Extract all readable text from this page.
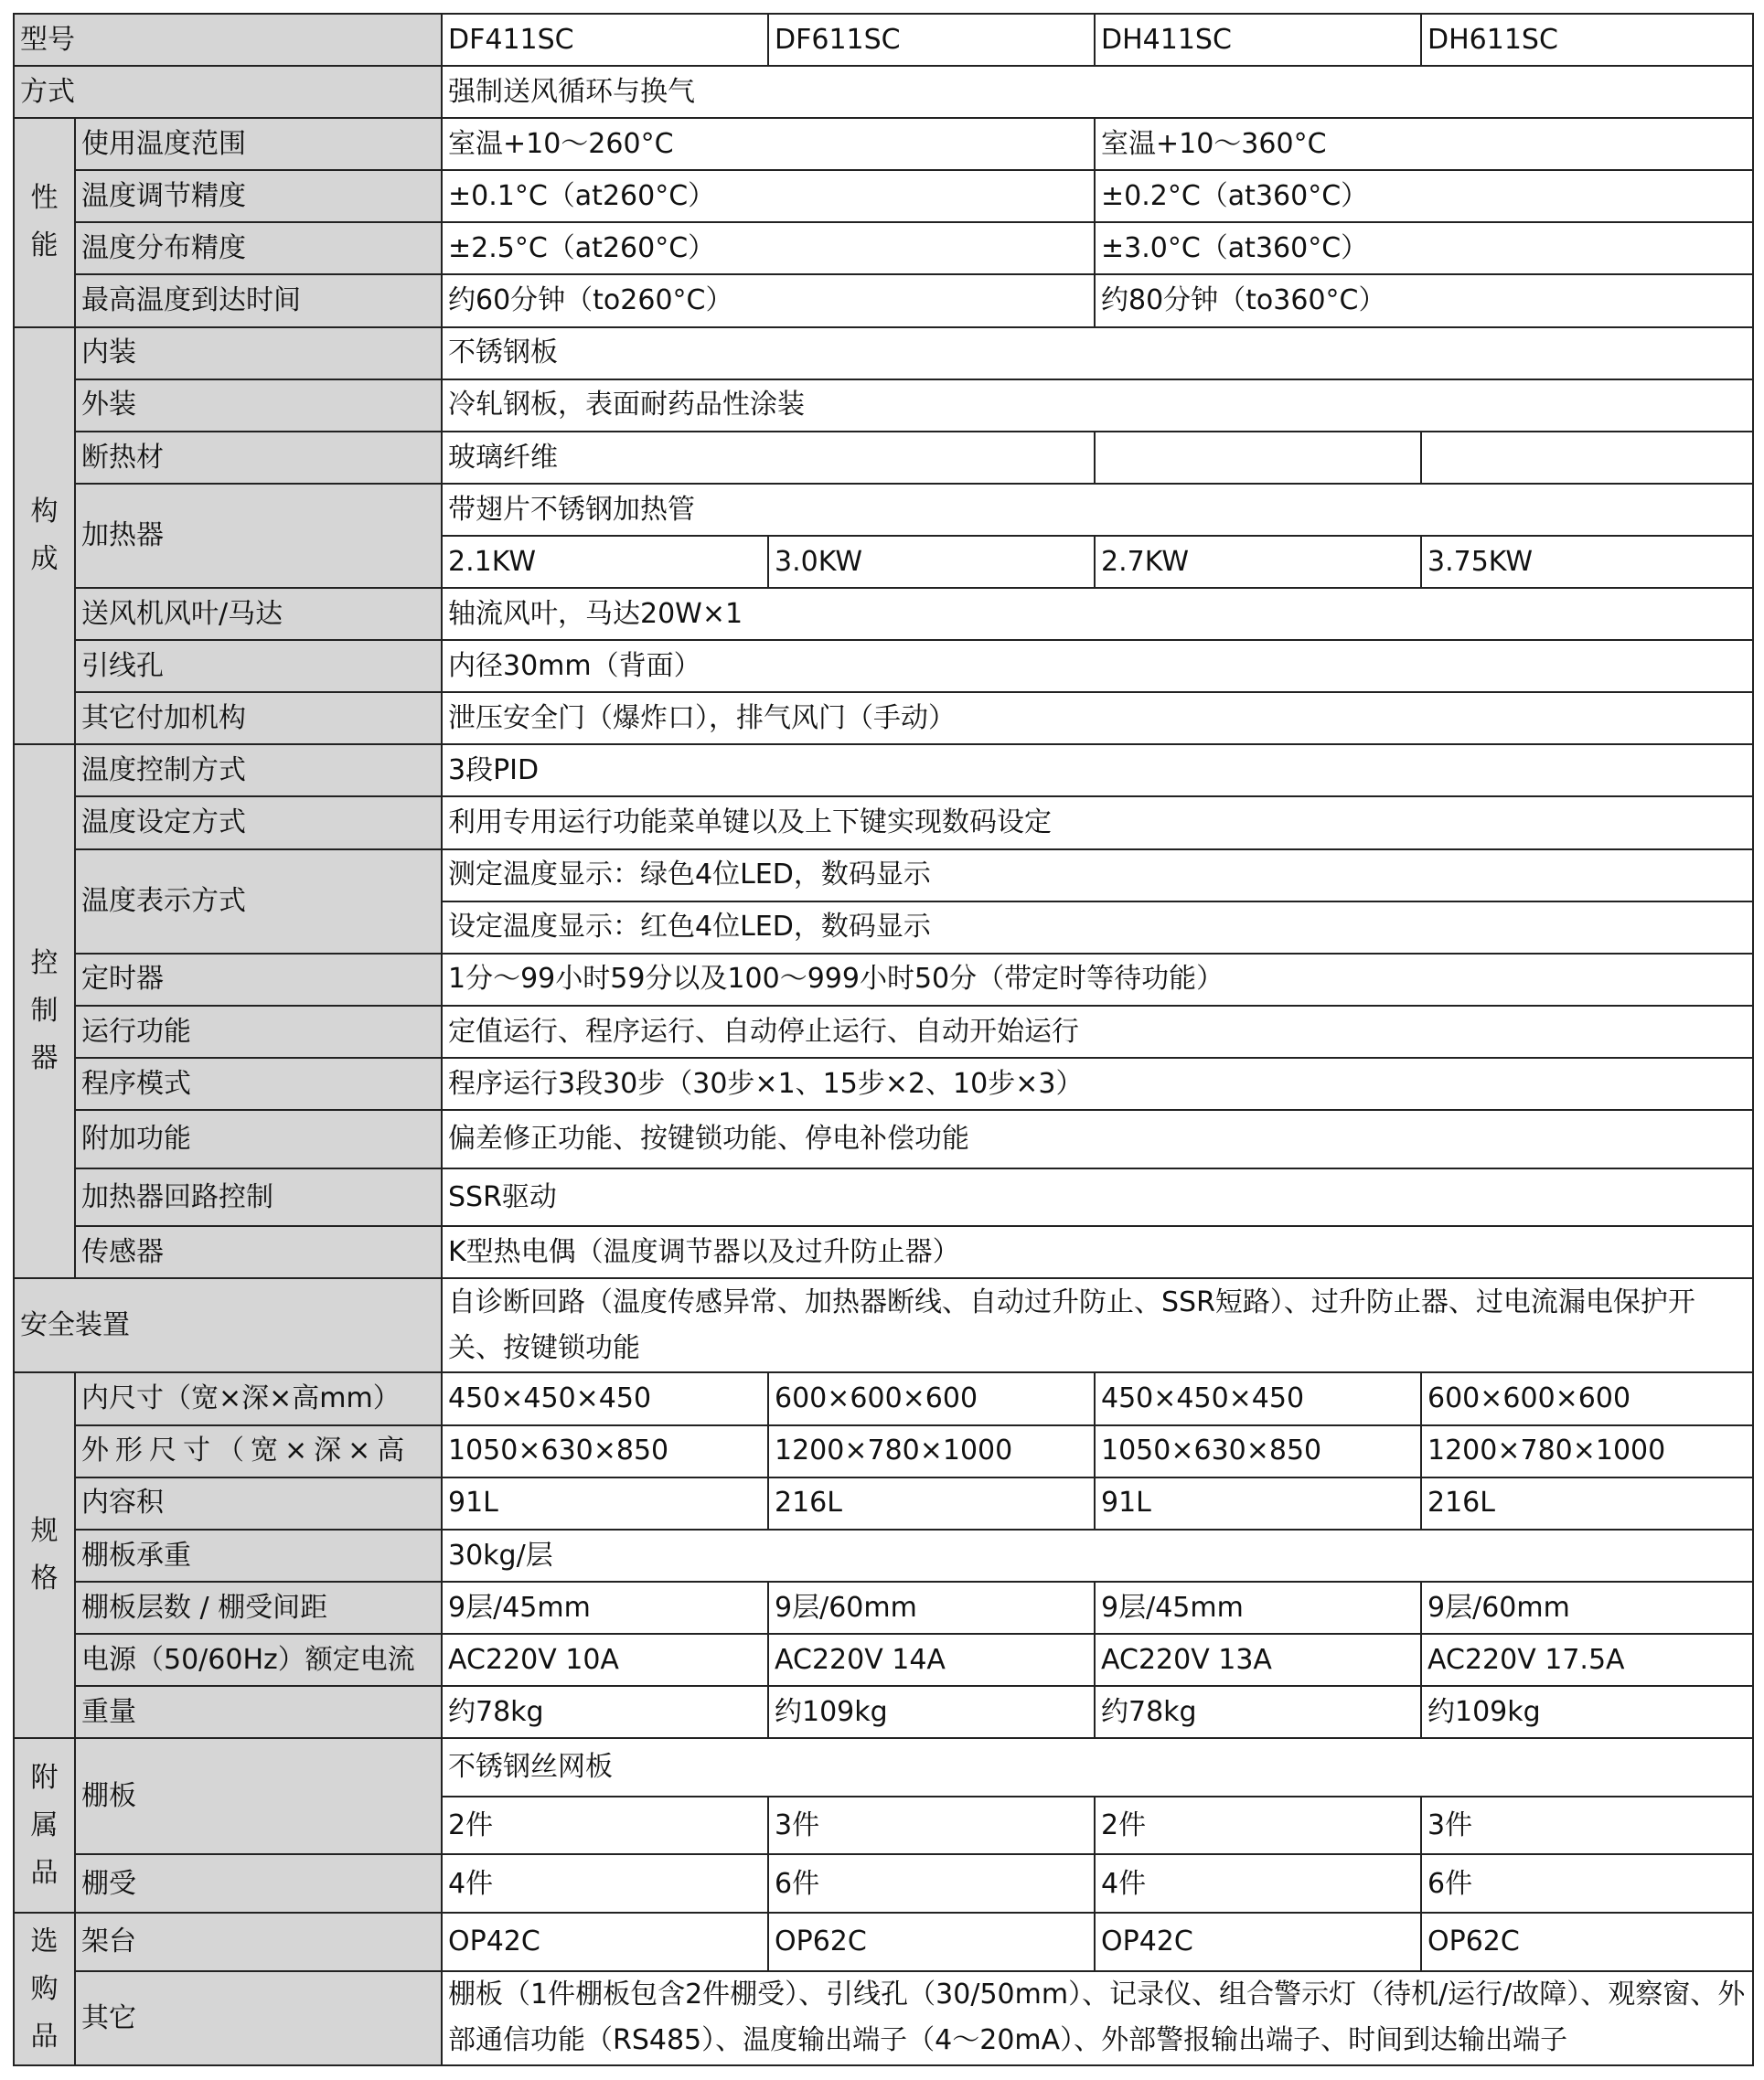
型号		DF411SC	DF611SC	DH411SC	DH611SC
方式		强制送风循环与换气			
性能	使用温度范围	室温+10～260°C		室温+10～360°C	
	温度调节精度	±0.1°C（at260°C）		±0.2°C（at360°C）	
	温度分布精度	±2.5°C（at260°C）		±3.0°C（at360°C）	
	最高温度到达时间	约60分钟（to260°C）		约80分钟（to360°C）	
构成	内装	不锈钢板			
	外装	冷轧钢板，表面耐药品性涂装			
	断热材	玻璃纤维			
	加热器	带翅片不锈钢加热管			
		2.1KW	3.0KW	2.7KW	3.75KW
	送风机风叶/马达	轴流风叶，马达20W×1			
	引线孔	内径30mm（背面）			
	其它付加机构	泄压安全门（爆炸口），排气风门（手动）			
控制器	温度控制方式	3段PID			
	温度设定方式	利用专用运行功能菜单键以及上下键实现数码设定			
	温度表示方式	测定温度显示：绿色4位LED，数码显示			
		设定温度显示：红色4位LED，数码显示			
	定时器	1分～99小时59分以及100～999小时50分（带定时等待功能）			
	运行功能	定值运行、程序运行、自动停止运行、自动开始运行			
	程序模式	程序运行3段30步（30步×1、15步×2、10步×3）			
	附加功能	偏差修正功能、按键锁功能、停电补偿功能			
	加热器回路控制	SSR驱动			
	传感器	K型热电偶（温度调节器以及过升防止器）			
安全装置		自诊断回路（温度传感异常、加热器断线、自动过升防止、SSR短路）、过升防止器、过电流漏电保护开关、按键锁功能			
规格	内尺寸（宽×深×高mm）	450×450×450	600×600×600	450×450×450	600×600×600
	外形尺寸（宽×深×高	1050×630×850	1200×780×1000	1050×630×850	1200×780×1000
	内容积	91L	216L	91L	216L
	棚板承重	30kg/层			
	棚板层数 / 棚受间距	9层/45mm	9层/60mm	9层/45mm	9层/60mm
	电源（50/60Hz）额定电流	AC220V 10A	AC220V 14A	AC220V 13A	AC220V 17.5A
	重量	约78kg	约109kg	约78kg	约109kg
附属品	棚板	不锈钢丝网板			
		2件	3件	2件	3件
	棚受	4件	6件	4件	6件
选购品	架台	OP42C	OP62C	OP42C	OP62C
	其它	棚板（1件棚板包含2件棚受）、引线孔（30/50mm）、记录仪、组合警示灯（待机/运行/故障）、观察窗、外部通信功能（RS485）、温度输出端子（4～20mA）、外部警报输出端子、时间到达输出端子			
